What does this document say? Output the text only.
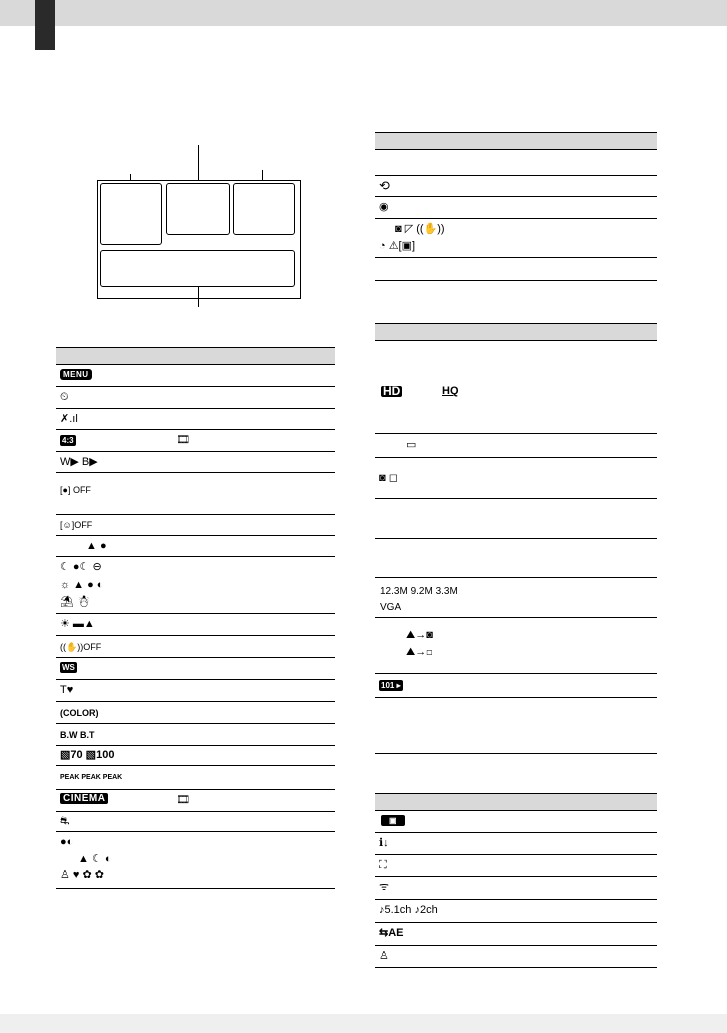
MENU
⏲
✗.ıl
4:3	🎞
W▶ B▶
[●] OFF
[☺]OFF
▲ ●
☾ ●☾ ⊖
☼ ▲ ● ◐
⛱ ☃
☀ ▬▲
((✋))OFF
WS
T♥
(COLOR)
B.W B.T
▧70 ▧100
PEAK PEAK PEAK
CINEMA	🎞
⛐
●◐
▲ ☾ ◐
♙ ♥ ✿ ✿
⟲
◉
◙ ◸ ((✋))
◔ ⚠[▣]
HD	HQ
▭
◙ ◻
12.3M 9.2M 3.3M
VGA
⛰→◙
⛰→◻
101 ▸
▣
ℹ↓
⛶
ᯤ
♪5.1ch ♪2ch
⇆AE
♙
